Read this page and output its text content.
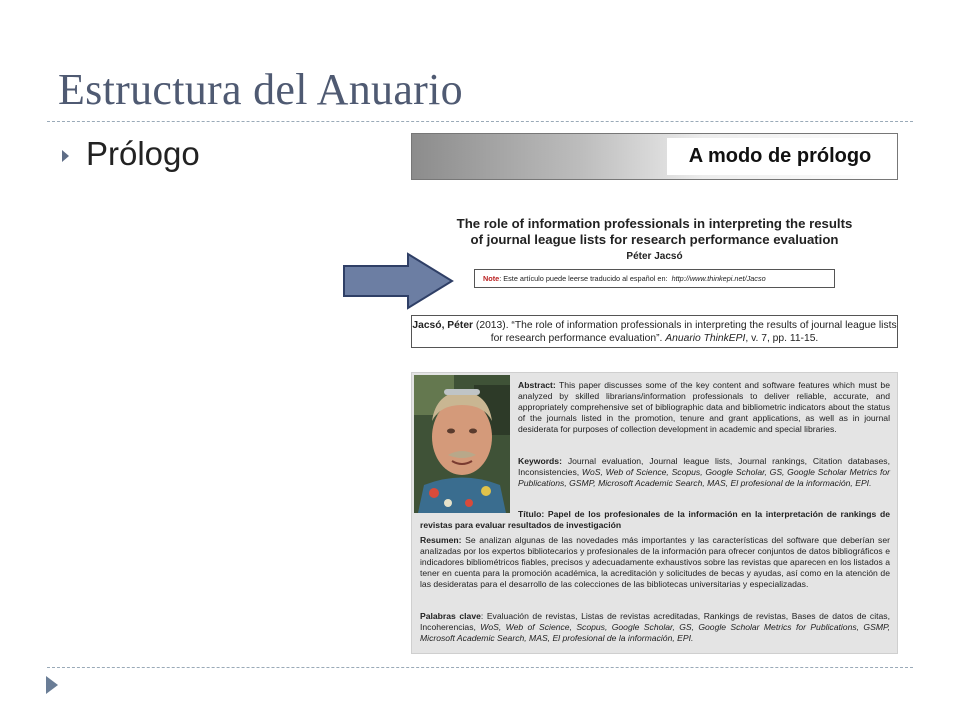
Estructura del Anuario
Prólogo	A modo de prólogo
The role of information professionals in interpreting the results
of journal league lists for research performance evaluation
Péter Jacsó
Note : Este artículo puede leerse traducido al español en: http://www.thinkepi.net/Jacso
Jacsó, Péter (2013). “The role of information professionals in interpreting the results of journal league lists for research performance evaluation”. Anuario ThinkEPI, v. 7, pp. 11-15.
Abstract: This paper discusses some of the key content and software features which must be analyzed by skilled librarians/information professionals to deliver reliable, accurate, and appropriately comprehensive set of bibliographic data and bibliometric indicators about the status of the journals listed in the promotion, tenure and grant applications, as well as in journal desiderata for purposes of collection development in academic and special libraries.
Keywords: Journal evaluation, Journal league lists, Journal rankings, Citation databases, Inconsistencies, WoS, Web of Science, Scopus, Google Scholar, GS, Google Scholar Metrics for Publications, GSMP, Microsoft Academic Search, MAS, El profesional de la información, EPI.
Título: Papel de los profesionales de la información en la interpretación de rankings de revistas para evaluar resultados de investigación
Resumen: Se analizan algunas de las novedades más importantes y las características del software que deberían ser analizadas por los expertos bibliotecarios y profesionales de la información para ofrecer conjuntos de datos bibliográficos e indicadores bibliométricos fiables, precisos y adecuadamente exhaustivos sobre las revistas que aparecen en los listados a tener en cuenta para la promoción académica, la acreditación y solicitudes de becas y ayudas, así como en la atención de las desideratas para el desarrollo de las colecciones de las bibliotecas universitarias y especializadas.
Palabras clave: Evaluación de revistas, Listas de revistas acreditadas, Rankings de revistas, Bases de datos de citas, Incoherencias, WoS, Web of Science, Scopus, Google Scholar, GS, Google Scholar Metrics for Publications, GSMP, Microsoft Academic Search, MAS, El profesional de la información, EPI.
